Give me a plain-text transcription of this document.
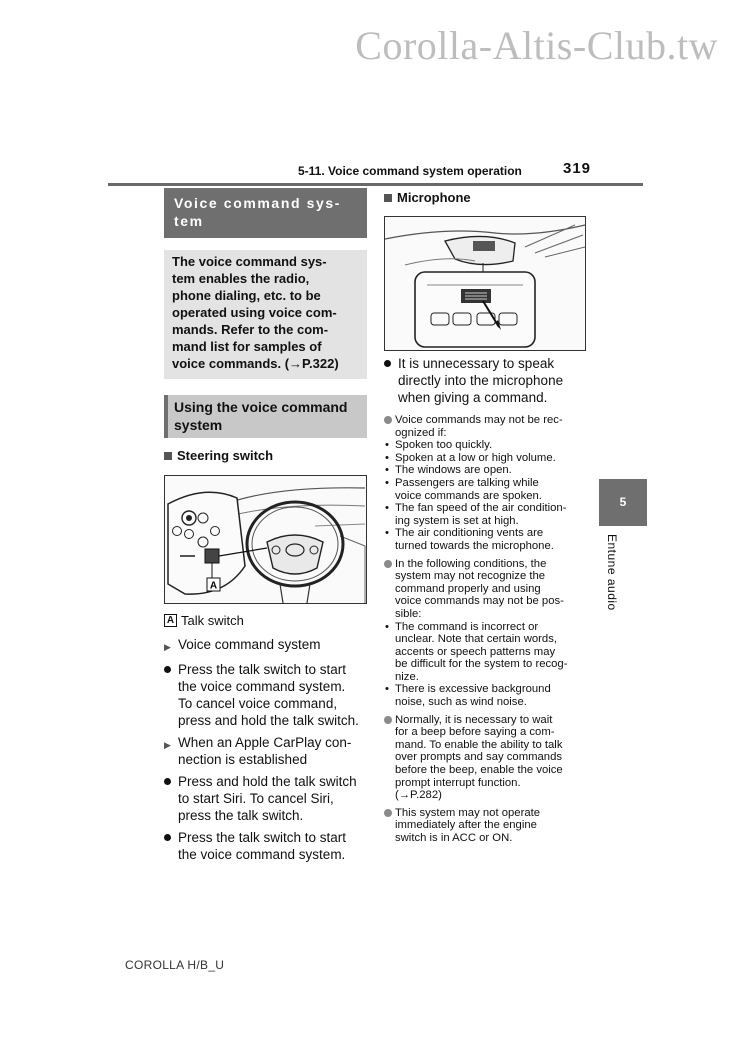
Corolla-Altis-Club.tw
5-11. Voice command system operation	319
Voice command sys-
tem
The voice command sys-
tem enables the radio,
phone dialing, etc. to be
operated using voice com-
mands. Refer to the com-
mand list for samples of
voice commands. (→P.322)
Using the voice command
system
Steering switch
A
A Talk switch
▶ Voice command system
Press the talk switch to start
the voice command system.
To cancel voice command,
press and hold the talk switch.
▶ When an Apple CarPlay con-
nection is established
Press and hold the talk switch
to start Siri. To cancel Siri,
press the talk switch.
Press the talk switch to start
the voice command system.
Microphone
It is unnecessary to speak
directly into the microphone
when giving a command.
Voice commands may not be rec-
ognized if:
• Spoken too quickly.
• Spoken at a low or high volume.
• The windows are open.
• Passengers are talking while
voice commands are spoken.
• The fan speed of the air condition-
ing system is set at high.
• The air conditioning vents are
turned towards the microphone.
In the following conditions, the
system may not recognize the
command properly and using
voice commands may not be pos-
sible:
• The command is incorrect or
unclear. Note that certain words,
accents or speech patterns may
be difficult for the system to recog-
nize.
• There is excessive background
noise, such as wind noise.
Normally, it is necessary to wait
for a beep before saying a com-
mand. To enable the ability to talk
over prompts and say commands
before the beep, enable the voice
prompt interrupt function.
(→P.282)
This system may not operate
immediately after the engine
switch is in ACC or ON.
5
Entune audio
COROLLA H/B_U
